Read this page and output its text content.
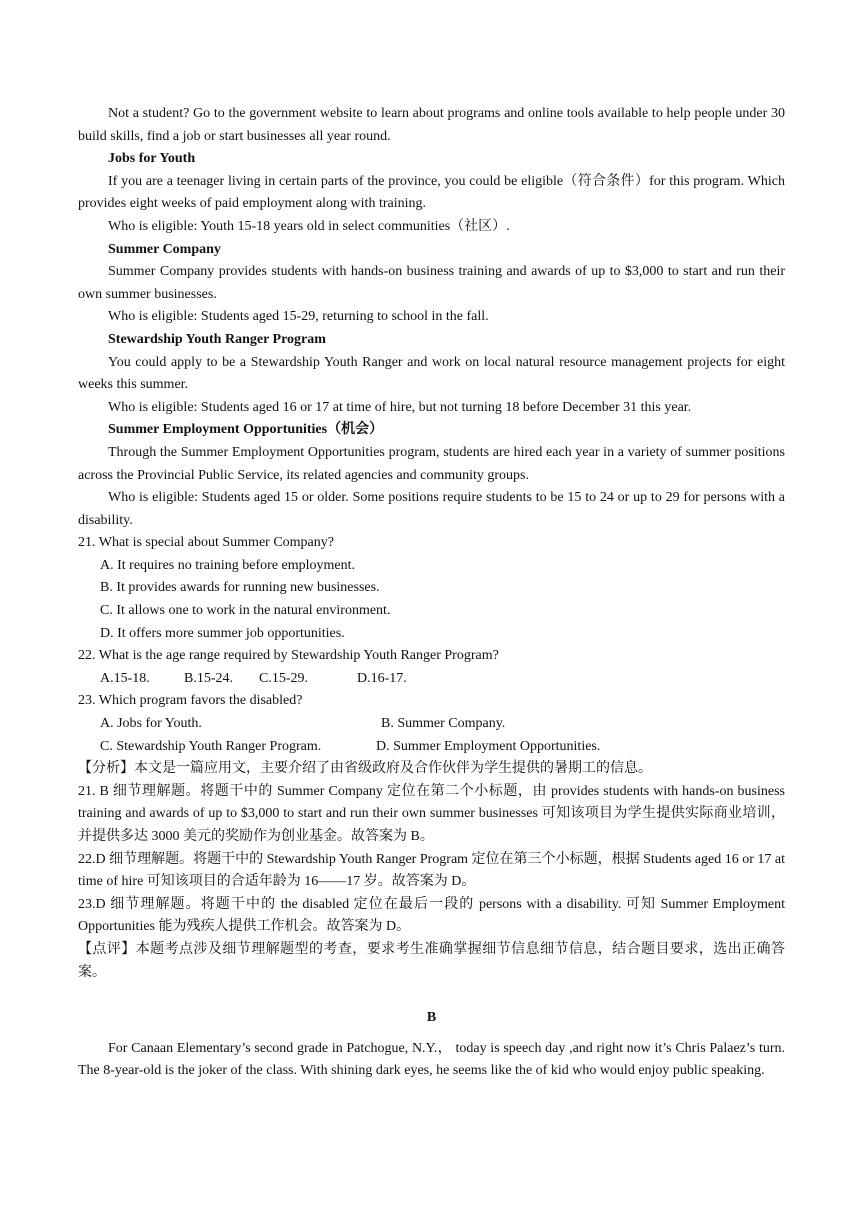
Not a student? Go to the government website to learn about programs and online tools available to help people under 30 build skills, find a job or start businesses all year round.

Jobs for Youth

If you are a teenager living in certain parts of the province, you could be eligible（符合条件）for this program. Which provides eight weeks of paid employment along with training.

Who is eligible: Youth 15-18 years old in select communities（社区）.

Summer Company

Summer Company provides students with hands-on business training and awards of up to $3,000 to start and run their own summer businesses.

Who is eligible: Students aged 15-29, returning to school in the fall.

Stewardship Youth Ranger Program

You could apply to be a Stewardship Youth Ranger and work on local natural resource management projects for eight weeks this summer.

Who is eligible: Students aged 16 or 17 at time of hire, but not turning 18 before December 31 this year.

Summer Employment Opportunities（机会）

Through the Summer Employment Opportunities program, students are hired each year in a variety of summer positions across the Provincial Public Service, its related agencies and community groups.

Who is eligible: Students aged 15 or older. Some positions require students to be 15 to 24 or up to 29 for persons with a disability.

21. What is special about Summer Company?

A. It requires no training before employment.

B. It provides awards for running new businesses.

C. It allows one to work in the natural environment.

D. It offers more summer job opportunities.

22. What is the age range required by Stewardship Youth Ranger Program?

A.15-18.	B.15-24.	C.15-29.	D.16-17.

23. Which program favors the disabled?

A. Jobs for Youth.	B. Summer Company.
C. Stewardship Youth Ranger Program.	D. Summer Employment Opportunities.

【分析】本文是一篇应用文，主要介绍了由省级政府及合作伙伴为学生提供的暑期工的信息。

21. B 细节理解题。将题干中的 Summer Company 定位在第二个小标题，由 provides students with hands-on business training and awards of up to $3,000 to start and run their own summer businesses 可知该项目为学生提供实际商业培训，并提供多达 3000 美元的奖励作为创业基金。故答案为 B。

22.D 细节理解题。将题干中的 Stewardship Youth Ranger Program 定位在第三个小标题，根据 Students aged 16 or 17 at time of hire 可知该项目的合适年龄为 16——17 岁。故答案为 D。

23.D 细节理解题。将题干中的 the disabled 定位在最后一段的 persons with a disability. 可知 Summer Employment Opportunities 能为残疾人提供工作机会。故答案为 D。

【点评】本题考点涉及细节理解题型的考查，要求考生准确掌握细节信息细节信息，结合题目要求，选出正确答案。

B

For Canaan Elementary’s second grade in Patchogue, N.Y.， today is speech day ,and right now it’s Chris Palaez’s turn. The 8-year-old is the joker of the class. With shining dark eyes, he seems like the of kid who would enjoy public speaking.
